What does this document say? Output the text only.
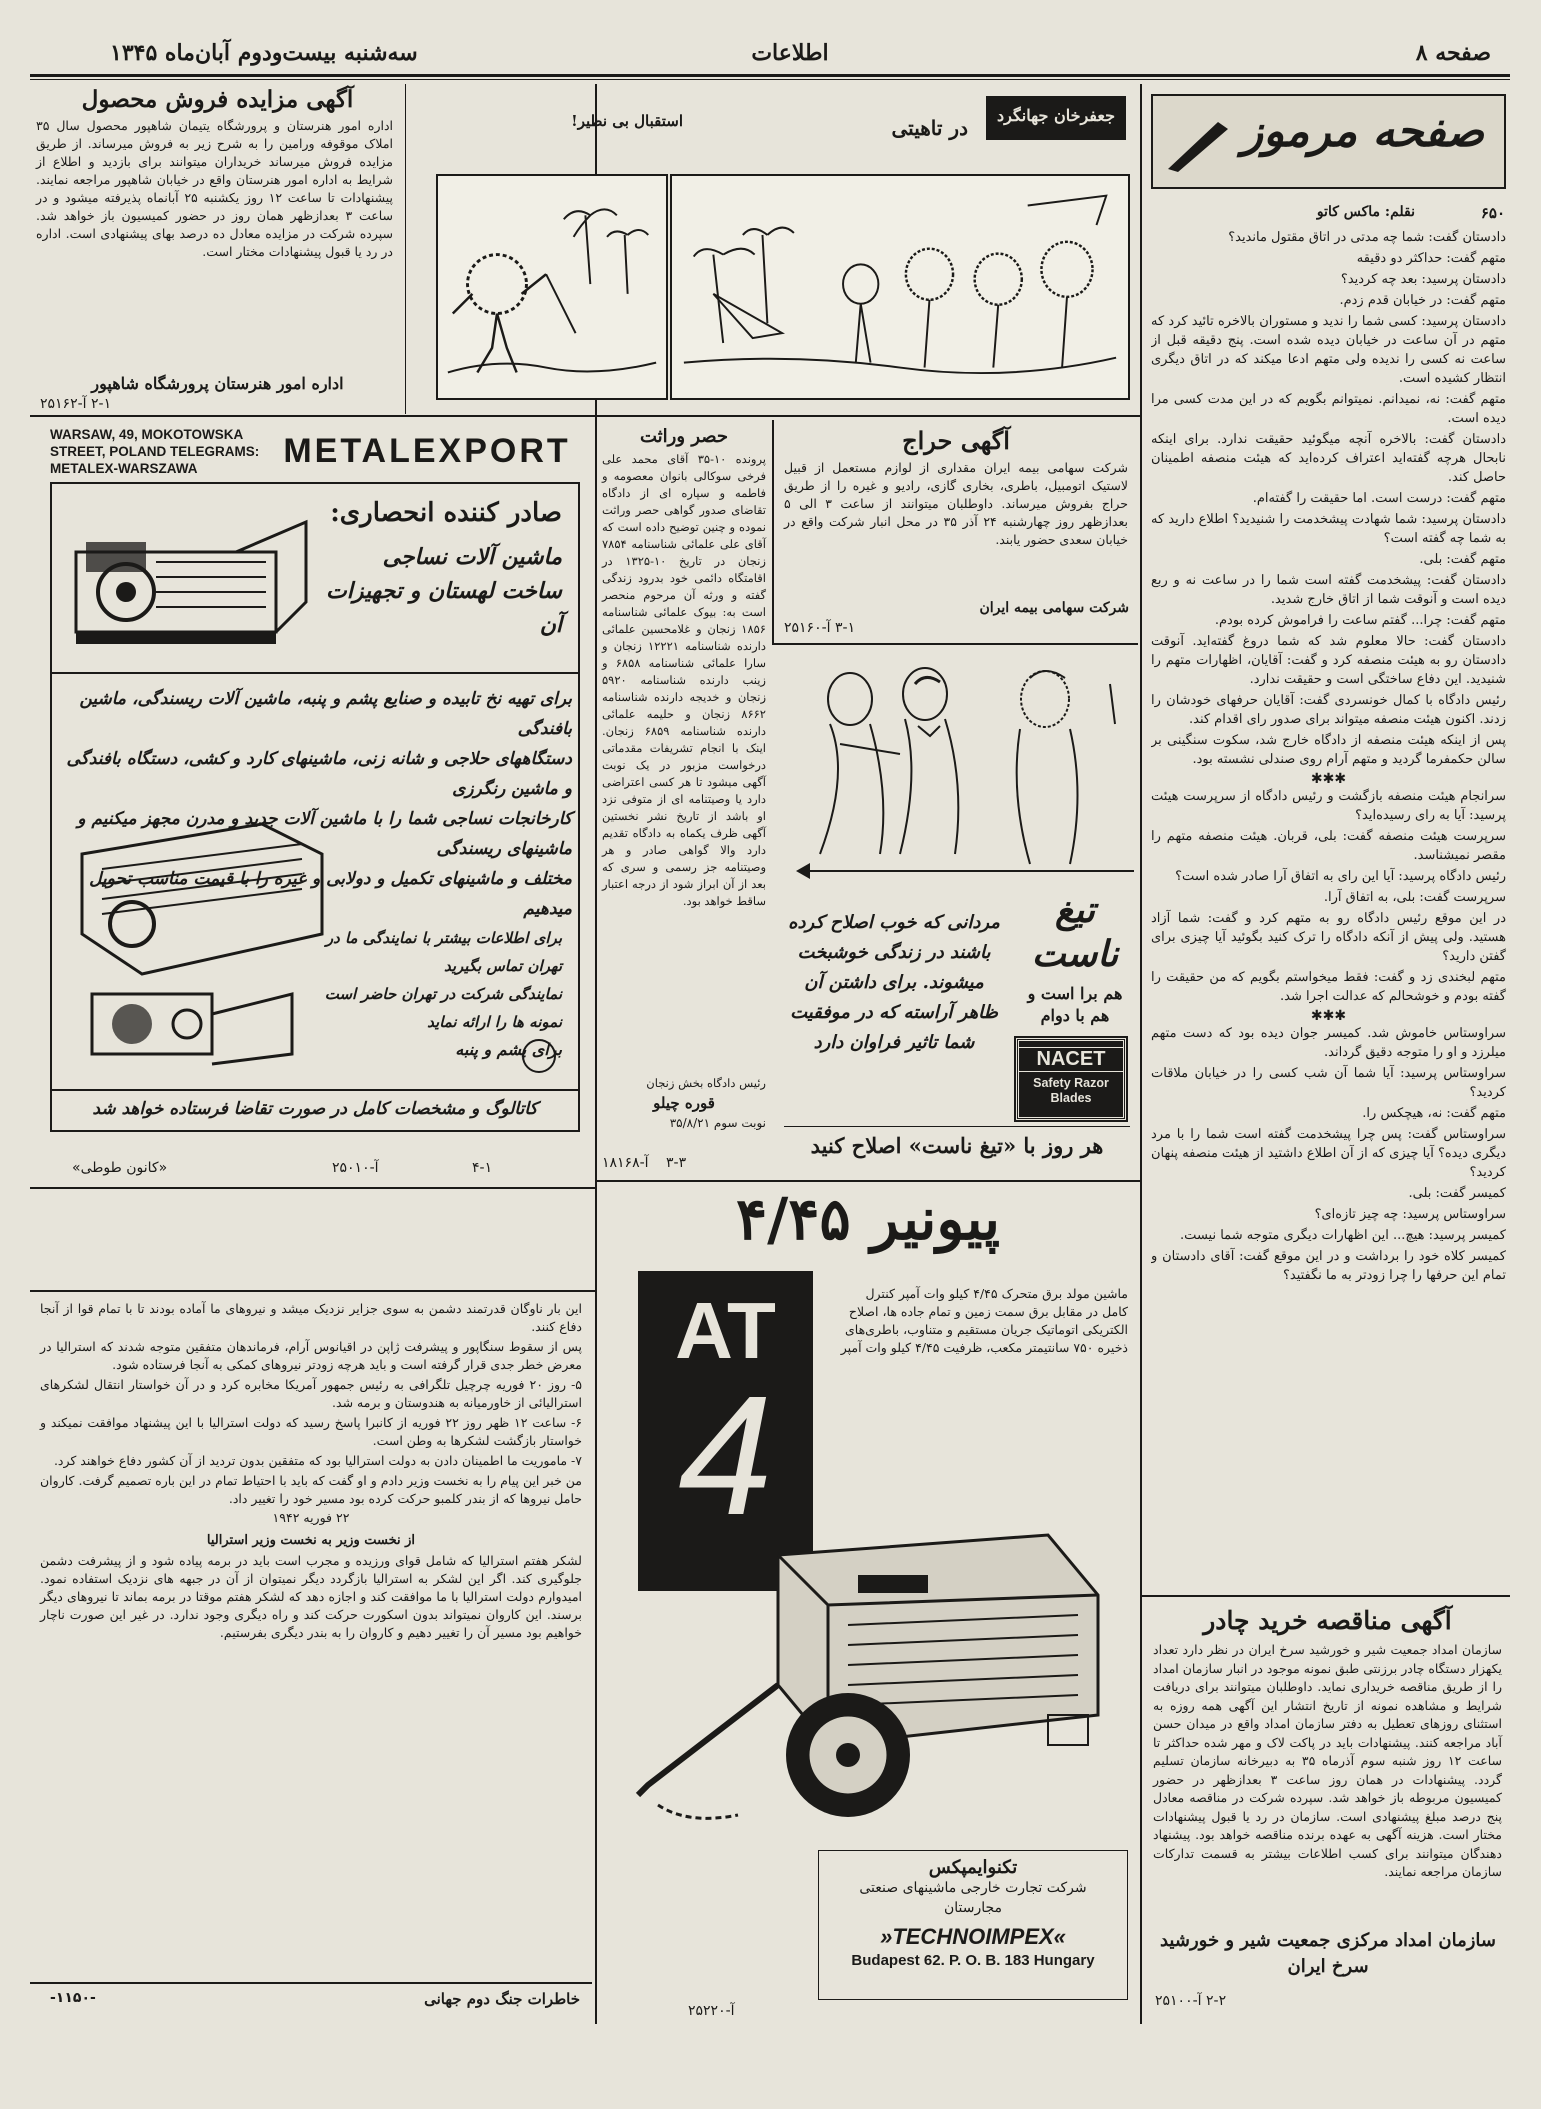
صفحه ۸
اطلاعات
سه‌شنبه بیست‌و‌دوم آبان‌ماه ۱۳۴۵
آگهی مزایده فروش محصول
اداره امور هنرستان و پرورشگاه یتیمان شاهپور محصول سال ۳۵ املاک موقوفه ورامین را به شرح زیر به فروش میرساند. از طریق مزایده فروش میرساند خریداران میتوانند برای بازدید و اطلاع از شرایط به اداره امور هنرستان واقع در خیابان شاهپور مراجعه نمایند. پیشنهادات تا ساعت ۱۲ روز یکشنبه ۲۵ آبانماه پذیرفته میشود و در ساعت ۳ بعدازظهر همان روز در حضور کمیسیون باز خواهد شد. سپرده شرکت در مزایده معادل ده درصد بهای پیشنهادی است. اداره در رد یا قبول پیشنهادات مختار است.
اداره امور هنرستان پرورشگاه شاهپور
۲-۱ آ-۲۵۱۶۲
جعفرخان جهانگرد
در تاهیتی
استقبال بی نظیر!	صفحه مرموز
۶۵۰
نقلم: ماکس کاتو
دادستان گفت: شما چه مدتی در اتاق مقتول ماندید؟
متهم گفت: حداکثر دو دقیقه
دادستان پرسید: بعد چه کردید؟
متهم گفت: در خیابان قدم زدم.
دادستان پرسید: کسی شما را ندید و مستوران بالاخره تائید کرد که متهم در آن ساعت در خیابان دیده شده است. پنج دقیقه قبل از ساعت نه کسی را ندیده ولی متهم ادعا میکند که در اتاق دیگری انتظار کشیده است.
متهم گفت: نه، نمیدانم. نمیتوانم بگویم که در این مدت کسی مرا دیده است.
دادستان گفت: بالاخره آنچه میگوئید حقیقت ندارد. برای اینکه نابحال هرچه گفته‌اید اعتراف کرده‌اید که هیئت منصفه اطمینان حاصل کند.
متهم گفت: درست است. اما حقیقت را گفته‌ام.
دادستان پرسید: شما شهادت پیشخدمت را شنیدید؟ اطلاع دارید که به شما چه گفته است؟
متهم گفت: بلی.
دادستان گفت: پیشخدمت گفته است شما را در ساعت نه و ربع دیده است و آنوقت شما از اتاق خارج شدید.
متهم گفت: چرا... گفتم ساعت را فراموش کرده بودم.
دادستان گفت: حالا معلوم شد که شما دروغ گفته‌اید. آنوقت دادستان رو به هیئت منصفه کرد و گفت: آقایان، اظهارات متهم را شنیدید. این دفاع ساختگی است و حقیقت ندارد.
رئیس دادگاه با کمال خونسردی گفت: آقایان حرفهای خودشان را زدند. اکنون هیئت منصفه میتواند برای صدور رای اقدام کند.
پس از اینکه هیئت منصفه از دادگاه خارج شد، سکوت سنگینی بر سالن حکمفرما گردید و متهم آرام روی صندلی نشسته بود.
✱✱✱
سرانجام هیئت منصفه بازگشت و رئیس دادگاه از سرپرست هیئت پرسید: آیا به رای رسیده‌اید؟
سرپرست هیئت منصفه گفت: بلی، قربان. هیئت منصفه متهم را مقصر نمیشناسد.
رئیس دادگاه پرسید: آیا این رای به اتفاق آرا صادر شده است؟
سرپرست گفت: بلی، به اتفاق آرا.
در این موقع رئیس دادگاه رو به متهم کرد و گفت: شما آزاد هستید. ولی پیش از آنکه دادگاه را ترک کنید بگوئید آیا چیزی برای گفتن دارید؟
متهم لبخندی زد و گفت: فقط میخواستم بگویم که من حقیقت را گفته بودم و خوشحالم که عدالت اجرا شد.
✱✱✱
سراوستاس خاموش شد. کمیسر جوان دیده بود که دست متهم میلرزد و او را متوجه دقیق گرداند.
سراوستاس پرسید: آیا شما آن شب کسی را در خیابان ملاقات کردید؟
متهم گفت: نه، هیچکس را.
سراوستاس گفت: پس چرا پیشخدمت گفته است شما را با مرد دیگری دیده؟ آیا چیزی که از آن اطلاع داشتید از هیئت منصفه پنهان کردید؟
کمیسر گفت: بلی.
سراوستاس پرسید: چه چیز تازه‌ای؟
کمیسر پرسید: هیچ... این اظهارات دیگری متوجه شما نیست.
کمیسر کلاه خود را برداشت و در این موقع گفت: آقای دادستان و تمام این حرفها را چرا زودتر به ما نگفتید؟
آگهی مناقصه خرید چادر
سازمان امداد جمعیت شیر و خورشید سرخ ایران در نظر دارد تعداد یکهزار دستگاه چادر برزنتی طبق نمونه موجود در انبار سازمان امداد را از طریق مناقصه خریداری نماید. داوطلبان میتوانند برای دریافت شرایط و مشاهده نمونه از تاریخ انتشار این آگهی همه روزه به استثنای روزهای تعطیل به دفتر سازمان امداد واقع در میدان حسن آباد مراجعه کنند. پیشنهادات باید در پاکت لاک و مهر شده حداکثر تا ساعت ۱۲ روز شنبه سوم آذرماه ۳۵ به دبیرخانه سازمان تسلیم گردد. پیشنهادات در همان روز ساعت ۳ بعدازظهر در حضور کمیسیون مربوطه باز خواهد شد. سپرده شرکت در مناقصه معادل پنج درصد مبلغ پیشنهادی است. سازمان در رد یا قبول پیشنهادات مختار است. هزینه آگهی به عهده برنده مناقصه خواهد بود. پیشنهاد دهندگان میتوانند برای کسب اطلاعات بیشتر به قسمت تدارکات سازمان مراجعه نمایند.
سازمان امداد مرکزی جمعیت شیر و خورشید سرخ ایران
۲-۲ آ-۲۵۱۰۰
WARSAW, 49, MOKOTOWSKA STREET, POLAND TELEGRAMS: METALEX-WARSZAWA	METALEXPORT
صادر کننده انحصاری:
ماشین آلات نساجی ساخت لهستان و تجهیزات آن
برای تهیه نخ تابیده و صنایع پشم و پنبه، ماشین آلات ریسندگی، ماشین بافندگی
دستگاههای حلاجی و شانه زنی، ماشینهای کارد و کشی، دستگاه بافندگی و ماشین رنگرزی
کارخانجات نساجی شما را با ماشین آلات جدید و مدرن مجهز میکنیم و ماشینهای ریسندگی
مختلف و ماشینهای تکمیل و دولابی و غیره را با قیمت مناسب تحویل میدهیم
برای اطلاعات بیشتر با نمایندگی ما در تهران تماس بگیرید
نمایندگی شرکت در تهران حاضر است نمونه ها را ارائه نماید
برای پشم و پنبه
کاتالوگ و مشخصات کامل در صورت تقاضا فرستاده خواهد شد
۴-۱
آ-۲۵۰۱۰
«کانون طوطی»
آگهی حراج
شرکت سهامی بیمه ایران مقداری از لوازم مستعمل از قبیل لاستیک اتومبیل، باطری، بخاری گازی، رادیو و غیره را از طریق حراج بفروش میرساند. داوطلبان میتوانند از ساعت ۳ الی ۵ بعدازظهر روز چهارشنبه ۲۴ آذر ۳۵ در محل انبار شرکت واقع در خیابان سعدی حضور یابند.
شرکت سهامی بیمه ایران
۳-۱ آ-۲۵۱۶۰
حصر وراثت
پرونده ۱۰-۳۵ آقای محمد علی فرخی سوکالی بانوان معصومه و فاطمه و سپاره ای از دادگاه تقاضای صدور گواهی حصر وراثت نموده و چنین توضیح داده است که آقای علی علمائی شناسنامه ۷۸۵۴ زنجان در تاریخ ۱۰-۱۳۲۵ در اقامتگاه دائمی خود بدرود زندگی گفته و ورثه آن مرحوم منحصر است به: بیوک علمائی شناسنامه ۱۸۵۶ زنجان و غلامحسین علمائی دارنده شناسنامه ۱۲۲۲۱ زنجان و سارا علمائی شناسنامه ۶۸۵۸ و زینب دارنده شناسنامه ۵۹۲۰ زنجان و خدیجه دارنده شناسنامه ۸۶۶۲ زنجان و حلیمه علمائی دارنده شناسنامه ۶۸۵۹ زنجان. اینک با انجام تشریفات مقدماتی درخواست مزبور در یک نوبت آگهی میشود تا هر کسی اعتراضی دارد یا وصیتنامه ای از متوفی نزد او باشد از تاریخ نشر نخستین آگهی ظرف یکماه به دادگاه تقدیم دارد والا گواهی صادر و هر وصیتنامه جز رسمی و سری که بعد از آن ابراز شود از درجه اعتبار ساقط خواهد بود.
رئیس دادگاه بخش زنجان
قوره چیلو
نوبت سوم ۳۵/۸/۲۱
۳-۳
آ-۱۸۱۶۸
تیغ ناست
هم برا است و هم با دوام
مردانی که خوب اصلاح کرده باشند در زندگی خوشبخت میشوند. برای داشتن آن ظاهر آراسته که در موفقیت شما تاثیر فراوان دارد
NACET
Safety Razor Blades
هر روز با «تیغ ناست» اصلاح کنید
پیونیر ۴/۴۵
AT
4
ماشین مولد برق متحرک ۴/۴۵ کیلو وات آمپر کنترل کامل در مقابل برق سمت زمین و تمام جاده ها، اصلاح الکتریکی اتوماتیک جریان مستقیم و متناوب، باطری‌های ذخیره ۷۵۰ سانتیمتر مکعب، ظرفیت ۴/۴۵ کیلو وات آمپر
تکنوایمپکس
شرکت تجارت خارجی ماشینهای صنعتی مجارستان
»TECHNOIMPEX«
Budapest 62. P. O. B. 183 Hungary
آ-۲۵۲۲۰
این بار ناوگان قدرتمند دشمن به سوی جزایر نزدیک میشد و نیروهای ما آماده بودند تا با تمام قوا از آنجا دفاع کنند.
پس از سقوط سنگاپور و پیشرفت ژاپن در اقیانوس آرام، فرماندهان متفقین متوجه شدند که استرالیا در معرض خطر جدی قرار گرفته است و باید هرچه زودتر نیروهای کمکی به آنجا فرستاده شود.
۵- روز ۲۰ فوریه چرچیل تلگرافی به رئیس جمهور آمریکا مخابره کرد و در آن خواستار انتقال لشکرهای استرالیائی از خاورمیانه به هندوستان و برمه شد.
۶- ساعت ۱۲ ظهر روز ۲۲ فوریه از کانبرا پاسخ رسید که دولت استرالیا با این پیشنهاد موافقت نمیکند و خواستار بازگشت لشکرها به وطن است.
۷- ماموریت ما اطمینان دادن به دولت استرالیا بود که متفقین بدون تردید از آن کشور دفاع خواهند کرد.
من خبر این پیام را به نخست وزیر دادم و او گفت که باید با احتیاط تمام در این باره تصمیم گرفت. کاروان حامل نیروها که از بندر کلمبو حرکت کرده بود مسیر خود را تغییر داد.
۲۲ فوریه ۱۹۴۲
از نخست وزیر به نخست وزیر استرالیا
لشکر هفتم استرالیا که شامل قوای ورزیده و مجرب است باید در برمه پیاده شود و از پیشرفت دشمن جلوگیری کند. اگر این لشکر به استرالیا بازگردد دیگر نمیتوان از آن در جبهه های نزدیک استفاده نمود. امیدوارم دولت استرالیا با ما موافقت کند و اجازه دهد که لشکر هفتم موقتا در برمه بماند تا نیروهای دیگر برسند. این کاروان نمیتواند بدون اسکورت حرکت کند و راه دیگری وجود ندارد. در غیر این صورت ناچار خواهیم بود مسیر آن را تغییر دهیم و کاروان را به بندر دیگری بفرستیم.
خاطرات جنگ دوم جهانی
-۱۱۵۰-
